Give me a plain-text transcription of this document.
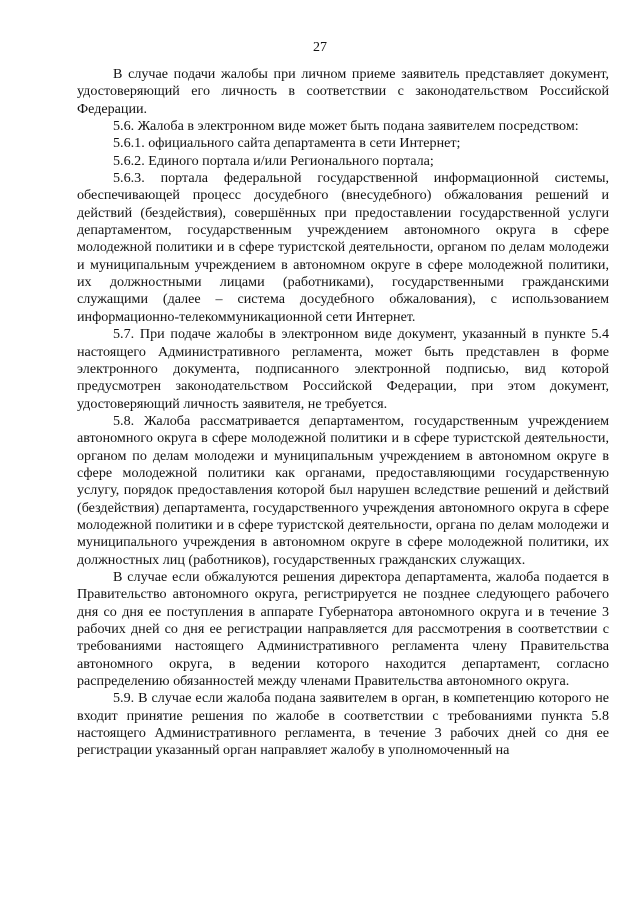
27

В случае подачи жалобы при личном приеме заявитель представляет документ, удостоверяющий его личность в соответствии с законодательством Российской Федерации.

5.6. Жалоба в электронном виде может быть подана заявителем посредством:

5.6.1. официального сайта департамента в сети Интернет;

5.6.2. Единого портала и/или Регионального портала;

5.6.3. портала федеральной государственной информационной системы, обеспечивающей процесс досудебного (внесудебного) обжалования решений и действий (бездействия), совершённых при предоставлении государственной услуги департаментом, государственным учреждением автономного округа в сфере молодежной политики и в сфере туристской деятельности, органом по делам молодежи и муниципальным учреждением в автономном округе в сфере молодежной политики, их должностными лицами (работниками), государственными гражданскими служащими (далее – система досудебного обжалования), с использованием информационно-телекоммуникационной сети Интернет.

5.7. При подаче жалобы в электронном виде документ, указанный в пункте 5.4 настоящего Административного регламента, может быть представлен в форме электронного документа, подписанного электронной подписью, вид которой предусмотрен законодательством Российской Федерации, при этом документ, удостоверяющий личность заявителя, не требуется.

5.8. Жалоба рассматривается департаментом, государственным учреждением автономного округа в сфере молодежной политики и в сфере туристской деятельности, органом по делам молодежи и муниципальным учреждением в автономном округе в сфере молодежной политики как органами, предоставляющими государственную услугу, порядок предоставления которой был нарушен вследствие решений и действий (бездействия) департамента, государственного учреждения автономного округа в сфере молодежной политики и в сфере туристской деятельности, органа по делам молодежи и муниципального учреждения в автономном округе в сфере молодежной политики, их должностных лиц (работников), государственных гражданских служащих.

В случае если обжалуются решения директора департамента, жалоба подается в Правительство автономного округа, регистрируется не позднее следующего рабочего дня со дня ее поступления в аппарате Губернатора автономного округа и в течение 3 рабочих дней со дня ее регистрации направляется для рассмотрения в соответствии с требованиями настоящего Административного регламента члену Правительства автономного округа, в ведении которого находится департамент, согласно распределению обязанностей между членами Правительства автономного округа.

5.9. В случае если жалоба подана заявителем в орган, в компетенцию которого не входит принятие решения по жалобе в соответствии с требованиями пункта 5.8 настоящего Административного регламента, в течение 3 рабочих дней со дня ее регистрации указанный орган направляет жалобу в уполномоченный на
